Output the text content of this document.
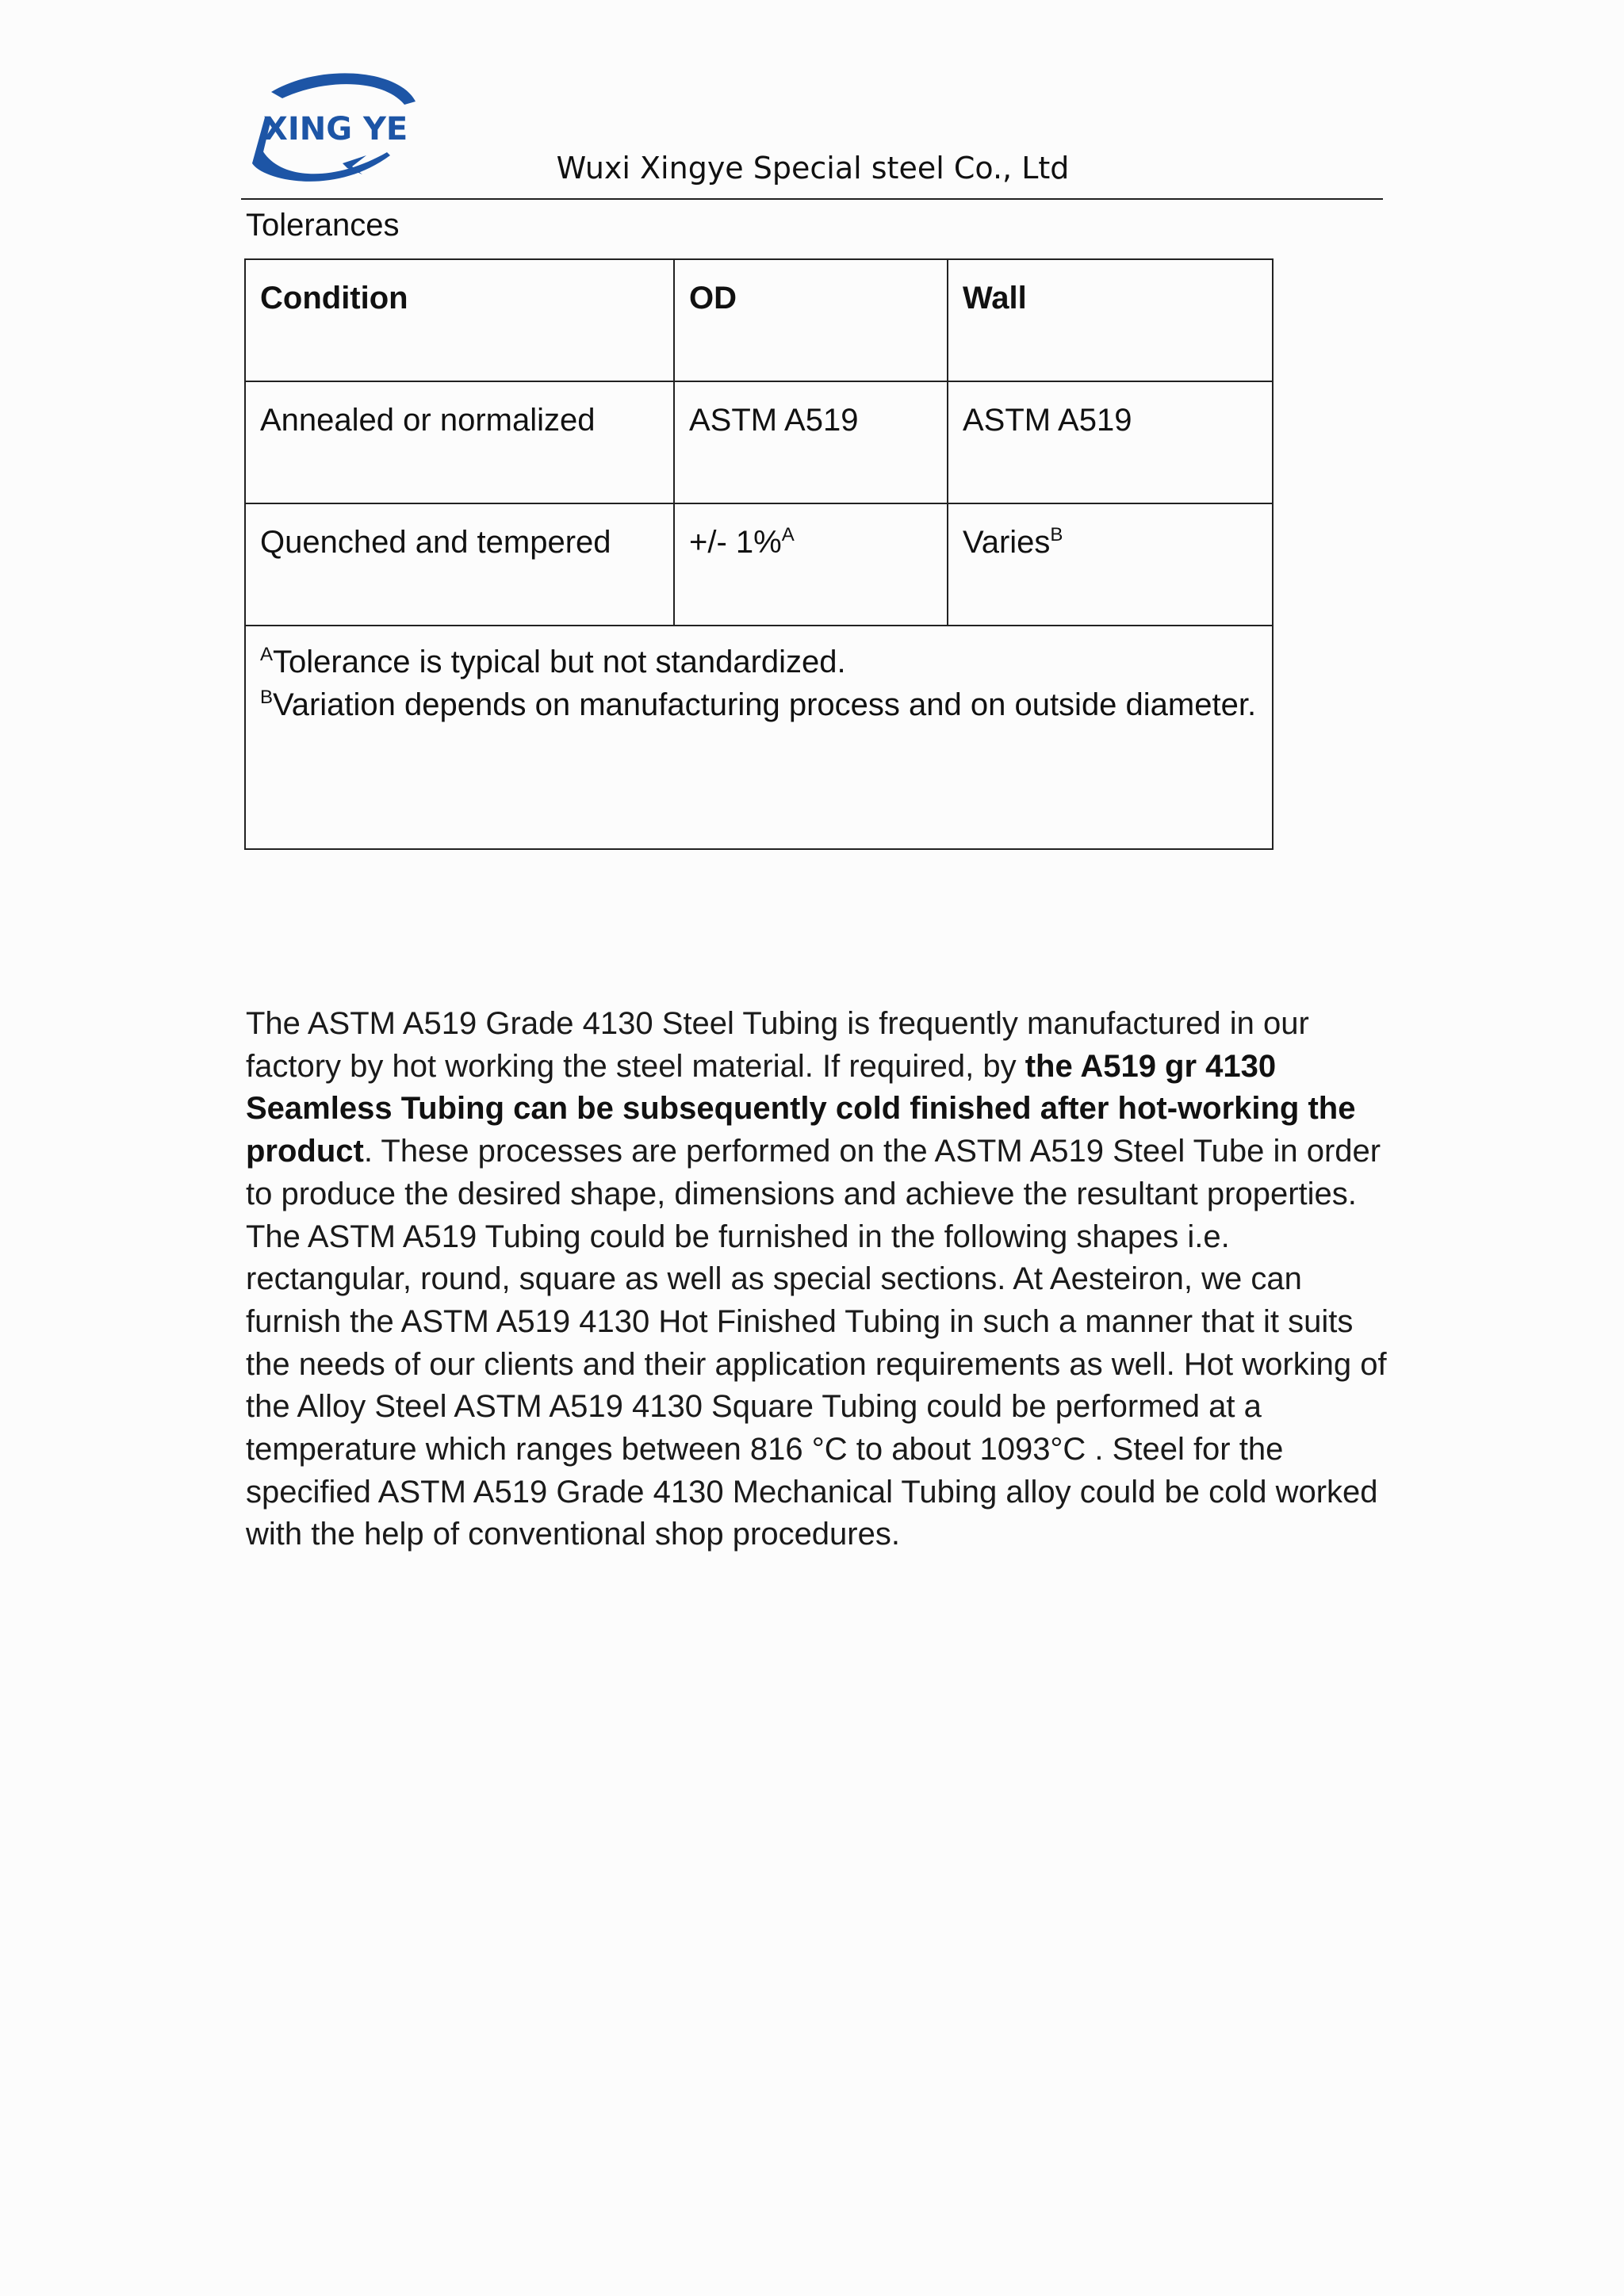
XING YE
Wuxi Xingye Special steel Co., Ltd
Tolerances
Condition	OD	Wall
Annealed or normalized	ASTM A519	ASTM A519
Quenched and tempered	+/- 1%$^A$	Varies$^B$

$^A$Tolerance is typical but not standardized.
$^B$Variation depends on manufacturing process and on outside diameter.		
The ASTM A519 Grade 4130 Steel Tubing is frequently manufactured in our factory by hot working the steel material. If required, by the A519 gr 4130 Seamless Tubing can be subsequently cold finished after hot-working the product. These processes are performed on the ASTM A519 Steel Tube in order to produce the desired shape, dimensions and achieve the resultant properties. The ASTM A519 Tubing could be furnished in the following shapes i.e. rectangular, round, square as well as special sections. At Aesteiron, we can furnish the ASTM A519 4130 Hot Finished Tubing in such a manner that it suits the needs of our clients and their application requirements as well. Hot working of the Alloy Steel ASTM A519 4130 Square Tubing could be performed at a temperature which ranges between 816 °C to about 1093°C . Steel for the specified ASTM A519 Grade 4130 Mechanical Tubing alloy could be cold worked with the help of conventional shop procedures.
